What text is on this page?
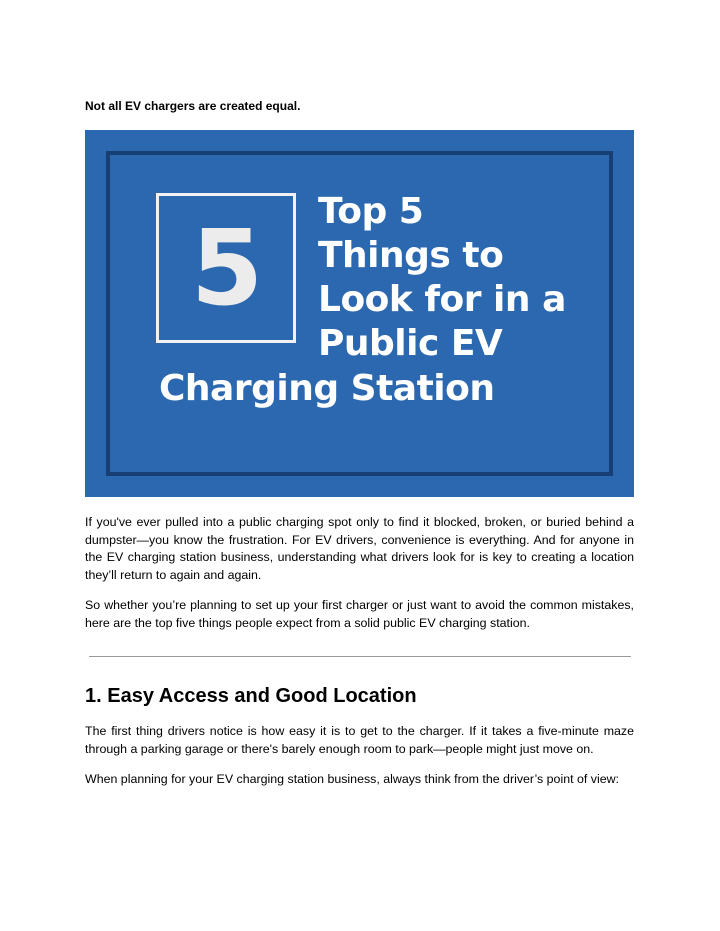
Not all EV chargers are created equal.
5 Top 5
Things to
Look for in a
Public EV
Charging Station

If you've ever pulled into a public charging spot only to find it blocked, broken, or buried behind a dumpster—you know the frustration. For EV drivers, convenience is everything. And for anyone in the EV charging station business, understanding what drivers look for is key to creating a location they’ll return to again and again.

So whether you’re planning to set up your first charger or just want to avoid the common mistakes, here are the top five things people expect from a solid public EV charging station.

1. Easy Access and Good Location

The first thing drivers notice is how easy it is to get to the charger. If it takes a five-minute maze through a parking garage or there's barely enough room to park—people might just move on.

When planning for your EV charging station business, always think from the driver’s point of view:
